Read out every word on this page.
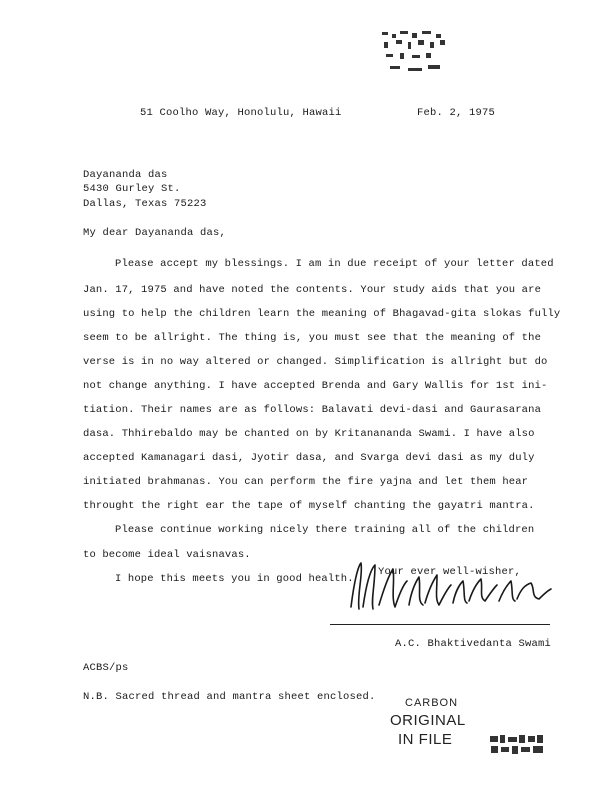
51 Coolho Way, Honolulu, Hawaii	Feb. 2, 1975
Dayananda das
5430 Gurley St.
Dallas, Texas 75223
My dear Dayananda das,
Please accept my blessings. I am in due receipt of your letter dated
Jan. 17, 1975 and have noted the contents. Your study aids that you are
using to help the children learn the meaning of Bhagavad-gita slokas fully
seem to be allright. The thing is, you must see that the meaning of the
verse is in no way altered or changed. Simplification is allright but do
not change anything. I have accepted Brenda and Gary Wallis for 1st ini-
tiation. Their names are as follows: Balavati devi-dasi and Gaurasarana
dasa. Thhirebaldo may be chanted on by Kritanananda Swami. I have also
accepted Kamanagari dasi, Jyotir dasa, and Svarga devi dasi as my duly
initiated brahmanas. You can perform the fire yajna and let them hear
throught the right ear the tape of myself chanting the gayatri mantra.
Please continue working nicely there training all of the children
to become ideal vaisnavas.
I hope this meets you in good health.
Your ever well-wisher,
A.C. Bhaktivedanta Swami
ACBS/ps
N.B. Sacred thread and mantra sheet enclosed.	CARBON
ORIGINAL
IN FILE
